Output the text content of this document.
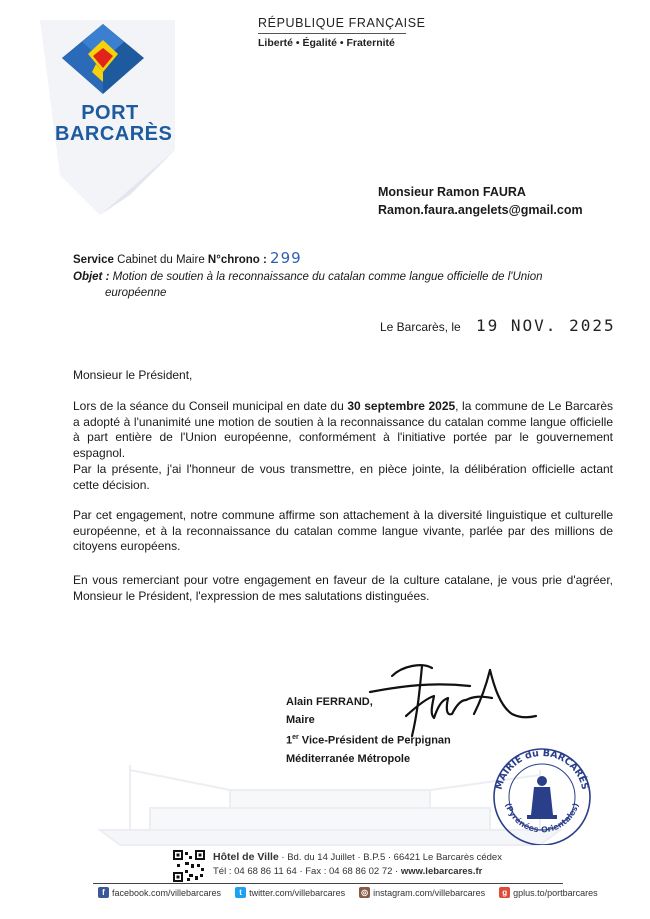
PORT
BARCARÈS
RÉPUBLIQUE FRANÇAISE
Liberté • Égalité • Fraternité
Monsieur Ramon FAURA
Ramon.faura.angelets@gmail.com
Service Cabinet du Maire N°chrono : 299
Objet : Motion de soutien à la reconnaissance du catalan comme langue officielle de l'Union
européenne
Le Barcarès, le 19 NOV. 2025
Monsieur le Président,
Lors de la séance du Conseil municipal en date du 30 septembre 2025, la commune de Le Barcarès a adopté à l'unanimité une motion de soutien à la reconnaissance du catalan comme langue officielle à part entière de l'Union européenne, conformément à l'initiative portée par le gouvernement espagnol.
Par la présente, j'ai l'honneur de vous transmettre, en pièce jointe, la délibération officielle actant cette décision.
Par cet engagement, notre commune affirme son attachement à la diversité linguistique et culturelle européenne, et à la reconnaissance du catalan comme langue vivante, parlée par des millions de citoyens européens.
En vous remerciant pour votre engagement en faveur de la culture catalane, je vous prie d'agréer, Monsieur le Président, l'expression de mes salutations distinguées.
Alain FERRAND,
Maire
1er Vice-Président de Perpignan
Méditerranée Métropole
MAIRIE du BARCARÈS
(Pyrénées-Orientales)
Hôtel de Ville · Bd. du 14 Juillet · B.P.5 · 66421 Le Barcarès cédex
Tél : 04 68 86 11 64 · Fax : 04 68 86 02 72 · www.lebarcares.fr
f facebook.com/villebarcares	t twitter.com/villebarcares ◎ instagram.com/villebarcares	g gplus.to/portbarcares
